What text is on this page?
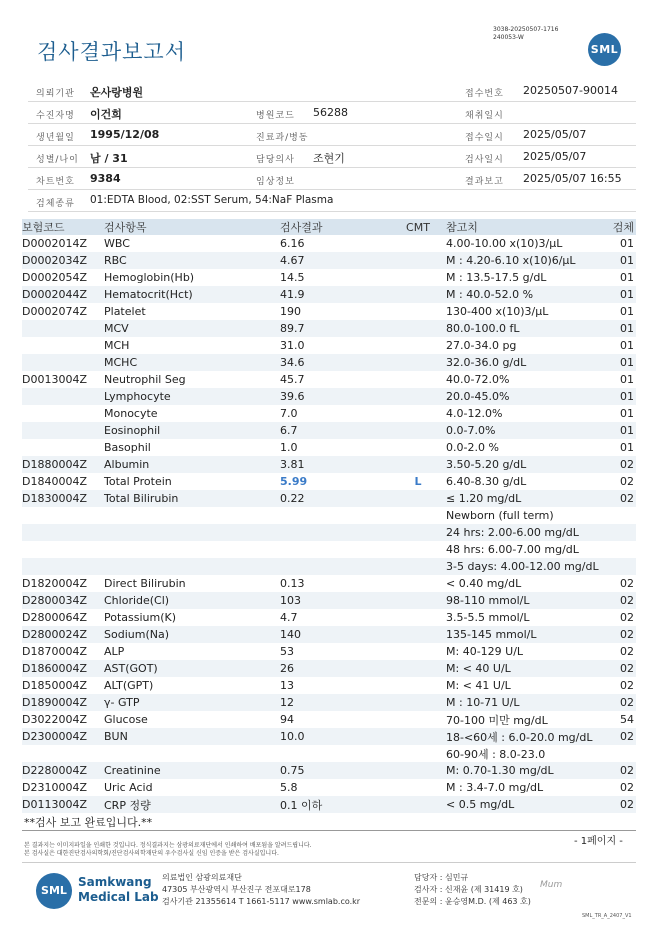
3038-20250507-1716
240053-W
검사결과보고서	SML
의뢰기관 온사랑병원	접수번호 20250507-90014
수진자명 이건희	병원코드 56288	채취일시
생년월일 1995/12/08	진료과/병동	접수일시 2025/05/07
성별/나이 남 / 31	담당의사 조현기	검사일시 2025/05/07
차트번호 9384	임상정보	결과보고 2025/05/07 16:55
검체종류 01:EDTA Blood, 02:SST Serum, 54:NaF Plasma
보험코드	검사항목	검사결과	CMT	참고치	검체
D0002014Z	WBC	6.16		4.00-10.00 x(10)3/μL	01
D0002034Z	RBC	4.67		M : 4.20-6.10 x(10)6/μL	01
D0002054Z	Hemoglobin(Hb)	14.5		M : 13.5-17.5 g/dL	01
D0002044Z	Hematocrit(Hct)	41.9		M : 40.0-52.0 %	01
D0002074Z	Platelet	190		130-400 x(10)3/μL	01
	MCV	89.7		80.0-100.0 fL	01
	MCH	31.0		27.0-34.0 pg	01
	MCHC	34.6		32.0-36.0 g/dL	01
D0013004Z	Neutrophil Seg	45.7		40.0-72.0%	01
	Lymphocyte	39.6		20.0-45.0%	01
	Monocyte	7.0		4.0-12.0%	01
	Eosinophil	6.7		0.0-7.0%	01
	Basophil	1.0		0.0-2.0 %	01
D1880004Z	Albumin	3.81		3.50-5.20 g/dL	02
D1840004Z	Total Protein	5.99	L	6.40-8.30 g/dL	02
D1830004Z	Total Bilirubin	0.22		≤ 1.20 mg/dL	02
				Newborn (full term)	
				24 hrs: 2.00-6.00 mg/dL	
				48 hrs: 6.00-7.00 mg/dL	
				3-5 days: 4.00-12.00 mg/dL	
D1820004Z	Direct Bilirubin	0.13		< 0.40 mg/dL	02
D2800034Z	Chloride(Cl)	103		98-110 mmol/L	02
D2800064Z	Potassium(K)	4.7		3.5-5.5 mmol/L	02
D2800024Z	Sodium(Na)	140		135-145 mmol/L	02
D1870004Z	ALP	53		M: 40-129 U/L	02
D1860004Z	AST(GOT)	26		M: < 40 U/L	02
D1850004Z	ALT(GPT)	13		M: < 41 U/L	02
D1890004Z	γ- GTP	12		M : 10-71 U/L	02
D3022004Z	Glucose	94		70-100 미만 mg/dL	54
D2300004Z	BUN	10.0		18-<60세 : 6.0-20.0 mg/dL	02
				60-90세 : 8.0-23.0	
D2280004Z	Creatinine	0.75		M: 0.70-1.30 mg/dL	02
D2310004Z	Uric Acid	5.8		M : 3.4-7.0 mg/dL	02
D0113004Z	CRP 정량	0.1 이하		< 0.5 mg/dL	02
**검사 보고 완료입니다.**
- 1페이지 -
본 결과지는 이미지파일을 인쇄한 것입니다. 정식결과지는 삼광의료재단에서 인쇄하여 배포됨을 알려드립니다.
본 검사실은 대한진단검사의학회/진단검사의학재단의 우수검사실 신임 인증을 받은 검사실입니다.
SML
Samkwang
Medical Lab
의료법인 삼광의료재단
47305 부산광역시 부산진구 전포대로178
검사기관 21355614 T 1661-5117 www.smlab.co.kr
담당자 : 심민규
검사자 : 신재윤 (제 31419 호)
전문의 : 윤승영M.D. (제 463 호)
Mum
SML_TR_A_2407_V1
